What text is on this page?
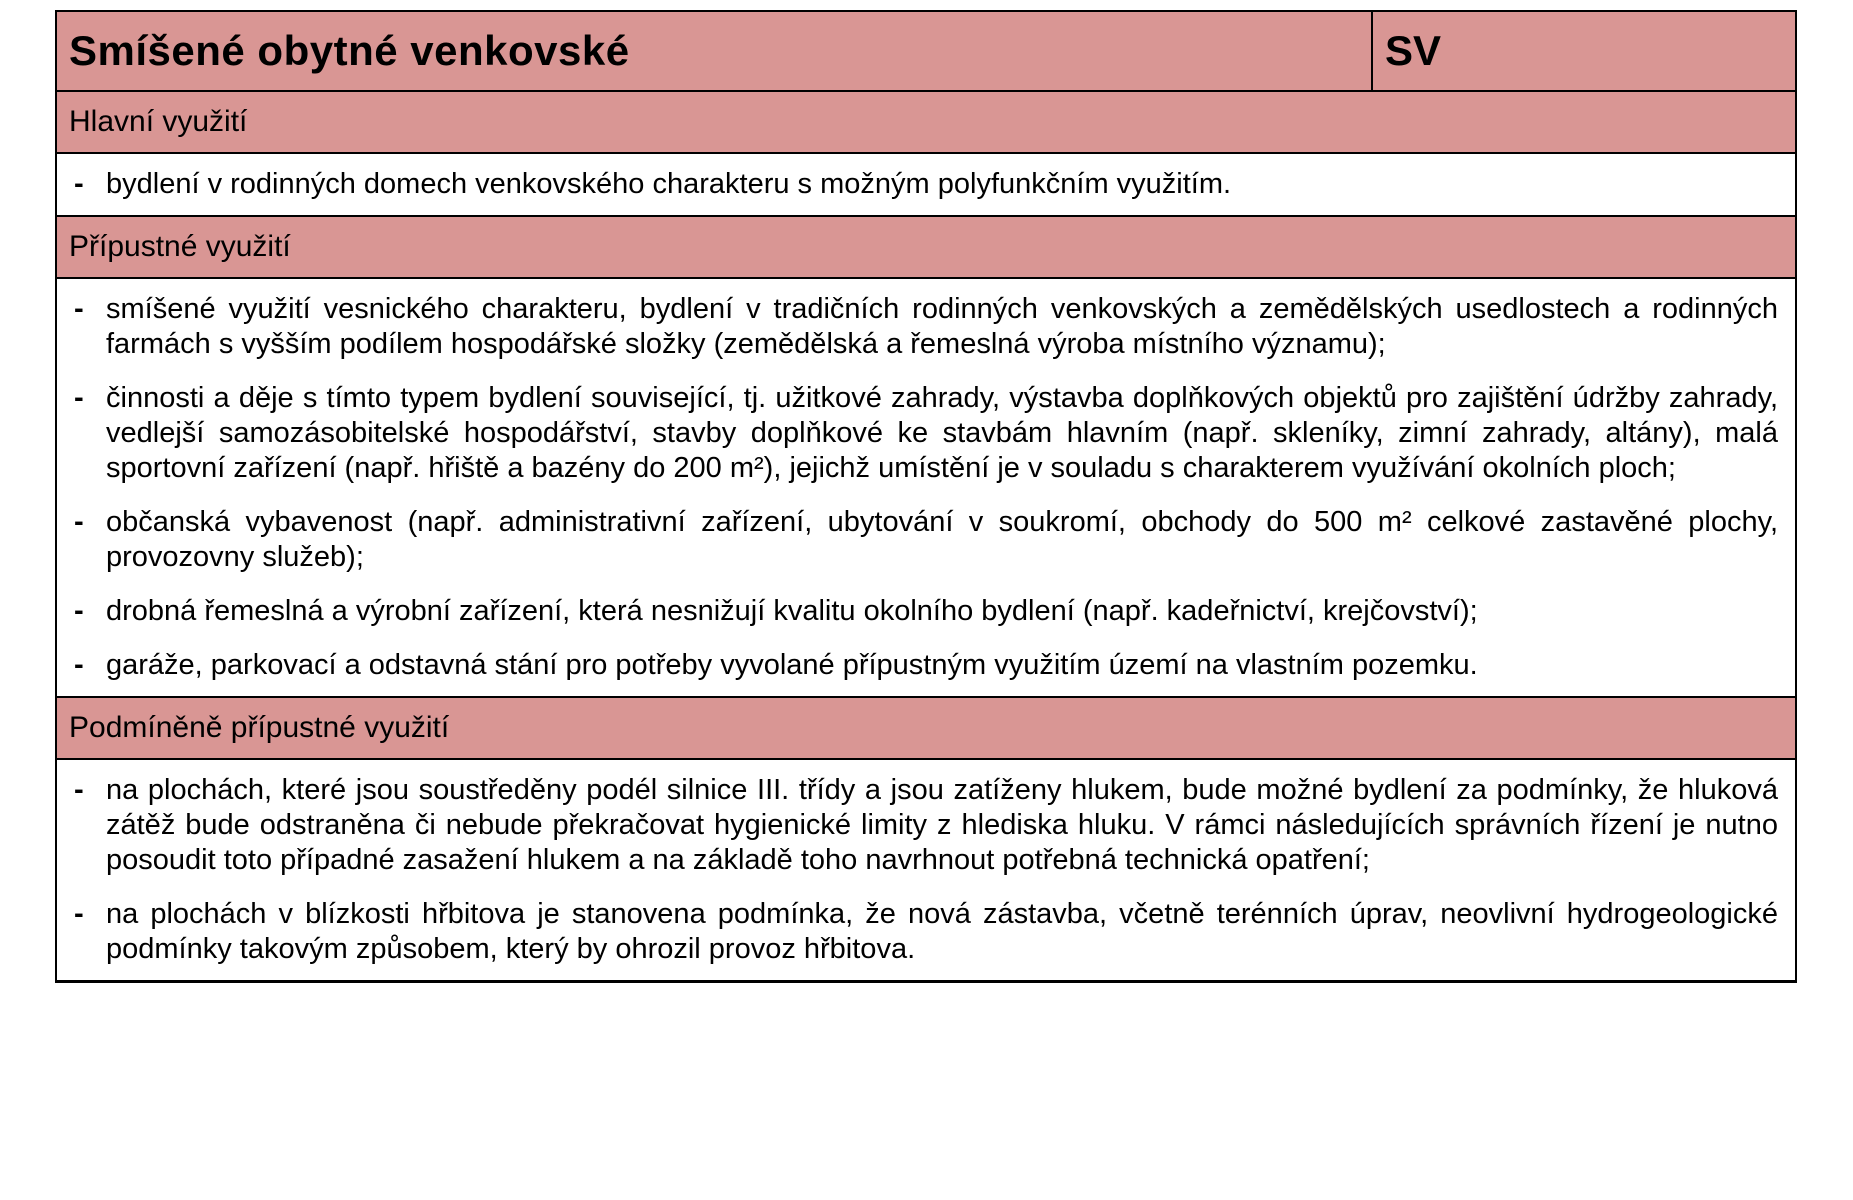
Smíšené obytné venkovské	SV
Hlavní využití
- bydlení v rodinných domech venkovského charakteru s možným polyfunkčním využitím.
Přípustné využití
- smíšené využití vesnického charakteru, bydlení v tradičních rodinných venkovských a zemědělských usedlostech a rodinných farmách s vyšším podílem hospodářské složky (zemědělská a řemeslná výroba místního významu);
- činnosti a děje s tímto typem bydlení související, tj. užitkové zahrady, výstavba doplňkových objektů pro zajištění údržby zahrady, vedlejší samozásobitelské hospodářství, stavby doplňkové ke stavbám hlavním (např. skleníky, zimní zahrady, altány), malá sportovní zařízení (např. hřiště a bazény do 200 m²), jejichž umístění je v souladu s charakterem využívání okolních ploch;
- občanská vybavenost (např. administrativní zařízení, ubytování v soukromí, obchody do 500 m² celkové zastavěné plochy, provozovny služeb);
- drobná řemeslná a výrobní zařízení, která nesnižují kvalitu okolního bydlení (např. kadeřnictví, krejčovství);
- garáže, parkovací a odstavná stání pro potřeby vyvolané přípustným využitím území na vlastním pozemku.
Podmíněně přípustné využití
- na plochách, které jsou soustředěny podél silnice III. třídy a jsou zatíženy hlukem, bude možné bydlení za podmínky, že hluková zátěž bude odstraněna či nebude překračovat hygienické limity z hlediska hluku. V rámci následujících správních řízení je nutno posoudit toto případné zasažení hlukem a na základě toho navrhnout potřebná technická opatření;
- na plochách v blízkosti hřbitova je stanovena podmínka, že nová zástavba, včetně terénních úprav, neovlivní hydrogeologické podmínky takovým způsobem, který by ohrozil provoz hřbitova.
